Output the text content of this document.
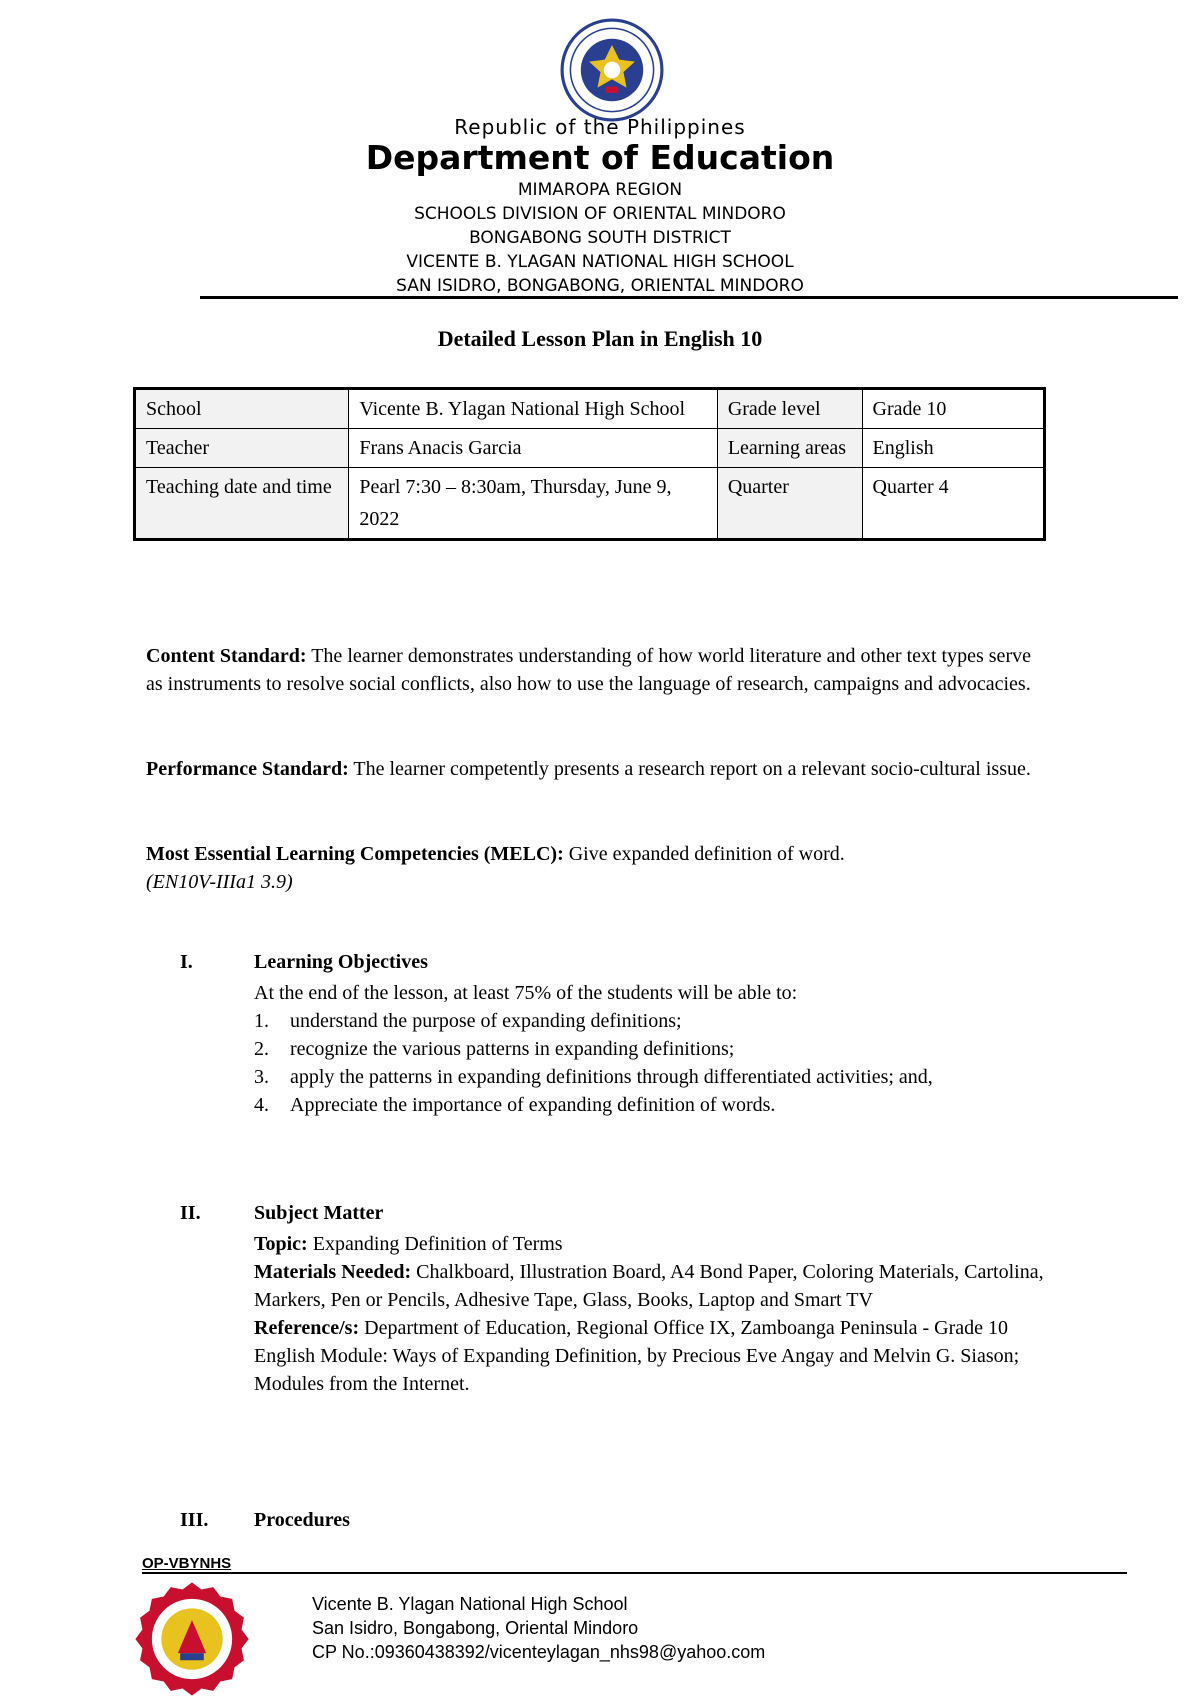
Republic of the Philippines
Department of Education
MIMAROPA REGION
SCHOOLS DIVISION OF ORIENTAL MINDORO
BONGABONG SOUTH DISTRICT
VICENTE B. YLAGAN NATIONAL HIGH SCHOOL
SAN ISIDRO, BONGABONG, ORIENTAL MINDORO
Detailed Lesson Plan in English 10
School	Vicente B. Ylagan National High School	Grade level	Grade 10
Teacher	Frans Anacis Garcia	Learning areas	English
Teaching date and time	Pearl 7:30 – 8:30am, Thursday, June 9, 2022	Quarter	Quarter 4
Content Standard: The learner demonstrates understanding of how world literature and other text types serve as instruments to resolve social conflicts, also how to use the language of research, campaigns and advocacies.
Performance Standard: The learner competently presents a research report on a relevant socio-cultural issue.
Most Essential Learning Competencies (MELC): Give expanded definition of word.
(EN10V-IIIa1 3.9)
I.	Learning Objectives
At the end of the lesson, at least 75% of the students will be able to:
1.	understand the purpose of expanding definitions;
2.	recognize the various patterns in expanding definitions;
3.	apply the patterns in expanding definitions through differentiated activities; and,
4.	Appreciate the importance of expanding definition of words.
II.	Subject Matter
Topic: Expanding Definition of Terms
Materials Needed: Chalkboard, Illustration Board, A4 Bond Paper, Coloring Materials, Cartolina, Markers, Pen or Pencils, Adhesive Tape, Glass, Books, Laptop and Smart TV
Reference/s: Department of Education, Regional Office IX, Zamboanga Peninsula - Grade 10 English Module: Ways of Expanding Definition, by Precious Eve Angay and Melvin G. Siason; Modules from the Internet.
III. Procedures
OP-VBYNHS
Vicente B. Ylagan National High School
San Isidro, Bongabong, Oriental Mindoro
CP No.:09360438392/vicenteylagan_nhs98@yahoo.com
